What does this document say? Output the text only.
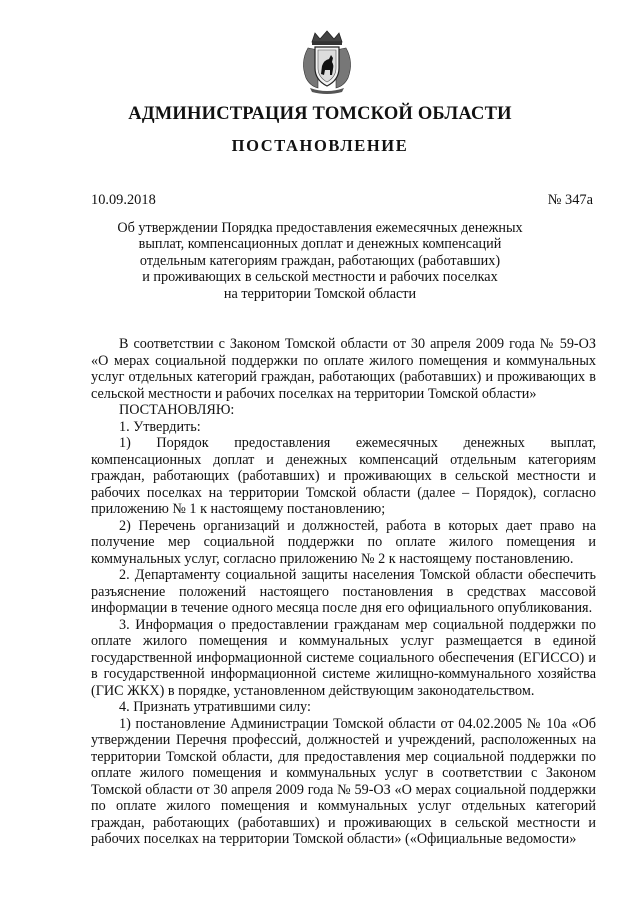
АДМИНИСТРАЦИЯ ТОМСКОЙ ОБЛАСТИ
ПОСТАНОВЛЕНИЕ
10.09.2018	№ 347а
Об утверждении Порядка предоставления ежемесячных денежных
выплат, компенсационных доплат и денежных компенсаций
отдельным категориям граждан, работающих (работавших)
и проживающих в сельской местности и рабочих поселках
на территории Томской области

В соответствии с Законом Томской области от 30 апреля 2009 года № 59-ОЗ «О мерах социальной поддержки по оплате жилого помещения и коммунальных услуг отдельных категорий граждан, работающих (работавших) и проживающих в сельской местности и рабочих поселках на территории Томской области»

ПОСТАНОВЛЯЮ:

1. Утвердить:

1) Порядок предоставления ежемесячных денежных выплат, компенсационных доплат и денежных компенсаций отдельным категориям граждан, работающих (работавших) и проживающих в сельской местности и рабочих поселках на территории Томской области (далее – Порядок), согласно приложению № 1 к настоящему постановлению;

2) Перечень организаций и должностей, работа в которых дает право на получение мер социальной поддержки по оплате жилого помещения и коммунальных услуг, согласно приложению № 2 к настоящему постановлению.

2. Департаменту социальной защиты населения Томской области обеспечить разъяснение положений настоящего постановления в средствах массовой информации в течение одного месяца после дня его официального опубликования.

3. Информация о предоставлении гражданам мер социальной поддержки по оплате жилого помещения и коммунальных услуг размещается в единой государственной информационной системе социального обеспечения (ЕГИССО) и в государственной информационной системе жилищно-коммунального хозяйства (ГИС ЖКХ) в порядке, установленном действующим законодательством.

4. Признать утратившими силу:

1) постановление Администрации Томской области от 04.02.2005 № 10а «Об утверждении Перечня профессий, должностей и учреждений, расположенных на территории Томской области, для предоставления мер социальной поддержки по оплате жилого помещения и коммунальных услуг в соответствии с Законом Томской области от 30 апреля 2009 года № 59-ОЗ «О мерах социальной поддержки по оплате жилого помещения и коммунальных услуг отдельных категорий граждан, работающих (работавших) и проживающих в сельской местности и рабочих поселках на территории Томской области» («Официальные ведомости»
